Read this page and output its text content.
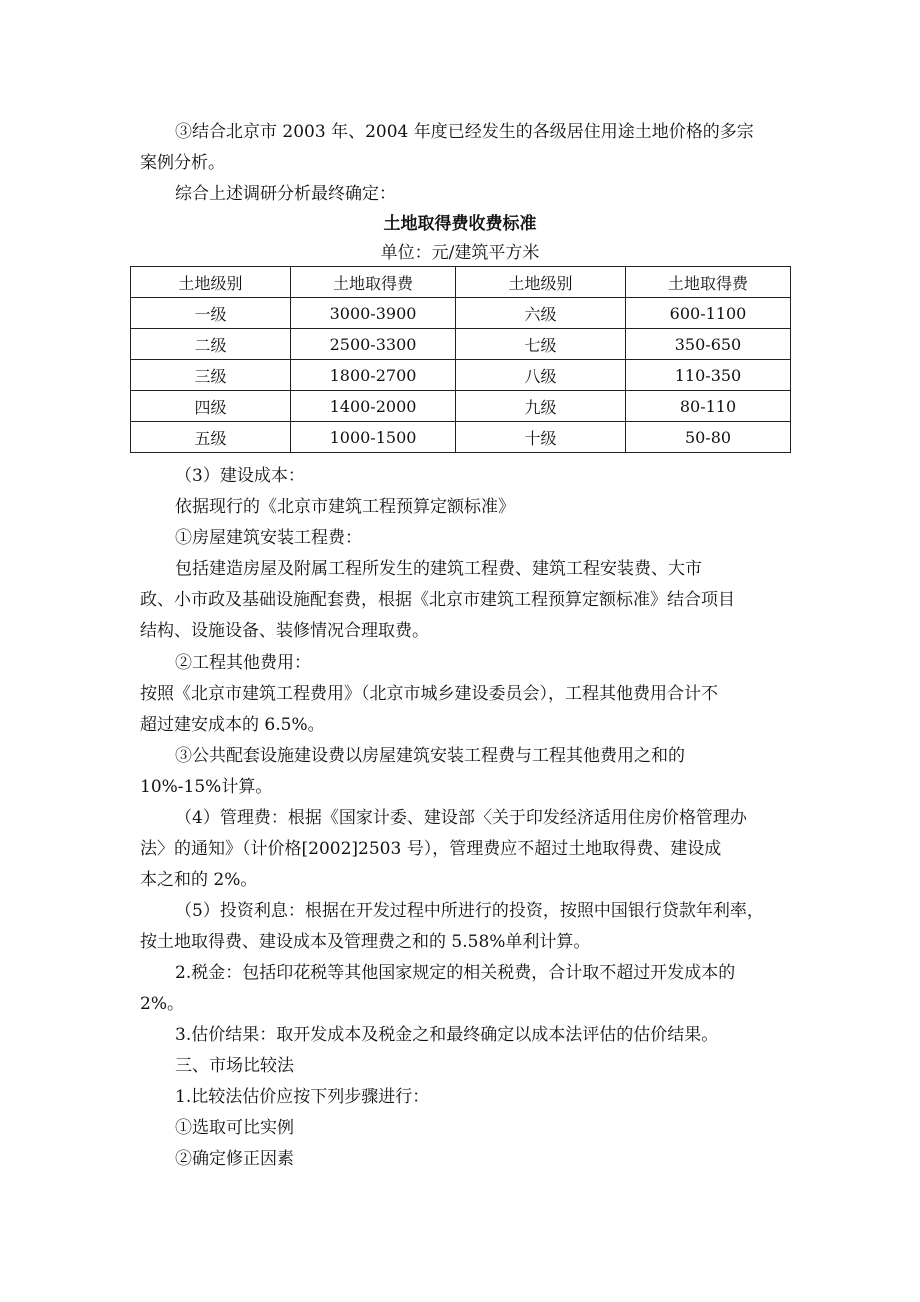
③结合北京市 2003 年、2004 年度已经发生的各级居住用途土地价格的多宗
案例分析。
综合上述调研分析最终确定：
土地取得费收费标准
单位：元/建筑平方米
土地级别	土地取得费	土地级别	土地取得费
一级	3000-3900	六级	600-1100
二级	2500-3300	七级	350-650
三级	1800-2700	八级	110-350
四级	1400-2000	九级	80-110
五级	1000-1500	十级	50-80
（3）建设成本：
依据现行的《北京市建筑工程预算定额标准》
①房屋建筑安装工程费：
包括建造房屋及附属工程所发生的建筑工程费、建筑工程安装费、大市
政、小市政及基础设施配套费，根据《北京市建筑工程预算定额标准》结合项目
结构、设施设备、装修情况合理取费。
②工程其他费用：
按照《北京市建筑工程费用》（北京市城乡建设委员会），工程其他费用合计不
超过建安成本的 6.5%。
③公共配套设施建设费以房屋建筑安装工程费与工程其他费用之和的
10%-15%计算。
（4）管理费：根据《国家计委、建设部〈关于印发经济适用住房价格管理办
法〉的通知》（计价格[2002]2503 号），管理费应不超过土地取得费、建设成
本之和的 2%。
（5）投资利息：根据在开发过程中所进行的投资，按照中国银行贷款年利率，
按土地取得费、建设成本及管理费之和的 5.58%单利计算。
2.税金：包括印花税等其他国家规定的相关税费，合计取不超过开发成本的
2%。
3.估价结果：取开发成本及税金之和最终确定以成本法评估的估价结果。
三、市场比较法
1.比较法估价应按下列步骤进行：
①选取可比实例
②确定修正因素
